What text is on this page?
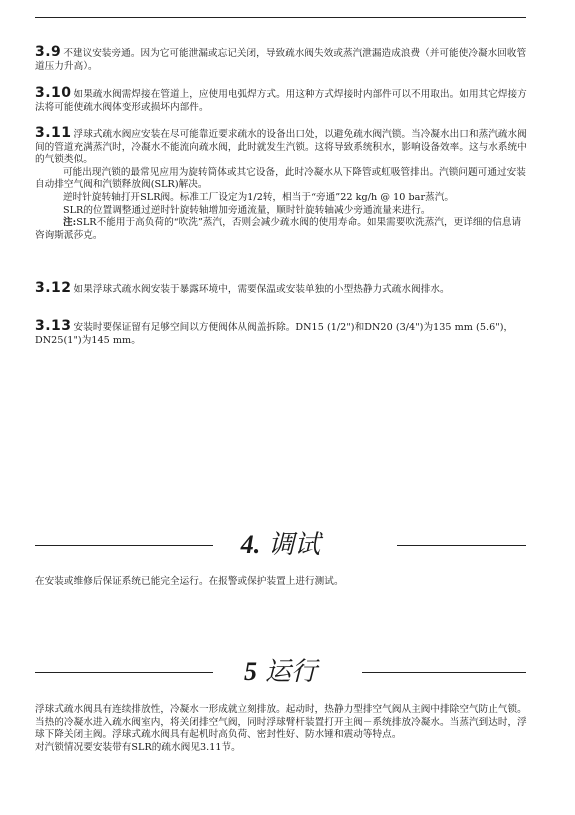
3.9 不建议安装旁通。因为它可能泄漏或忘记关闭，导致疏水阀失效或蒸汽泄漏造成浪费（并可能使冷凝水回收管道压力升高）。

3.10 如果疏水阀需焊接在管道上，应使用电弧焊方式。用这种方式焊接时内部件可以不用取出。如用其它焊接方法将可能使疏水阀体变形或损坏内部件。

3.11 浮球式疏水阀应安装在尽可能靠近要求疏水的设备出口处，以避免疏水阀汽锁。当冷凝水出口和蒸汽疏水阀间的管道充满蒸汽时，冷凝水不能流向疏水阀，此时就发生汽锁。这将导致系统积水，影响设备效率。这与水系统中的气锁类似。

可能出现汽锁的最常见应用为旋转筒体或其它设备，此时冷凝水从下降管或虹吸管排出。汽锁问题可通过安装自动排空气阀和汽锁释放阀(SLR)解决。

逆时针旋转轴打开SLR阀。标准工厂设定为1/2转，相当于“旁通”22 kg/h @ 10 bar蒸汽。

SLR的位置调整通过逆时针旋转轴增加旁通流量，顺时针旋转轴减少旁通流量来进行。

注:SLR不能用于高负荷的“吹洗”蒸汽，否则会减少疏水阀的使用寿命。如果需要吹洗蒸汽，更详细的信息请咨询斯派莎克。

3.12 如果浮球式疏水阀安装于暴露环境中，需要保温或安装单独的小型热静力式疏水阀排水。

3.13 安装时要保证留有足够空间以方便阀体从阀盖拆除。DN15 (1/2")和DN20 (3/4")为135 mm (5.6")，DN25(1")为145 mm。

4. 调试

在安装或维修后保证系统已能完全运行。在报警或保护装置上进行测试。

5 运行

浮球式疏水阀具有连续排放性，冷凝水一形成就立刻排放。起动时，热静力型排空气阀从主阀中排除空气防止气锁。当热的冷凝水进入疏水阀室内，将关闭排空气阀，同时浮球臂杆装置打开主阀－系统排放冷凝水。当蒸汽到达时，浮球下降关闭主阀。浮球式疏水阀具有起机时高负荷、密封性好、防水锤和震动等特点。

对汽锁情况要安装带有SLR的疏水阀见3.11节。
